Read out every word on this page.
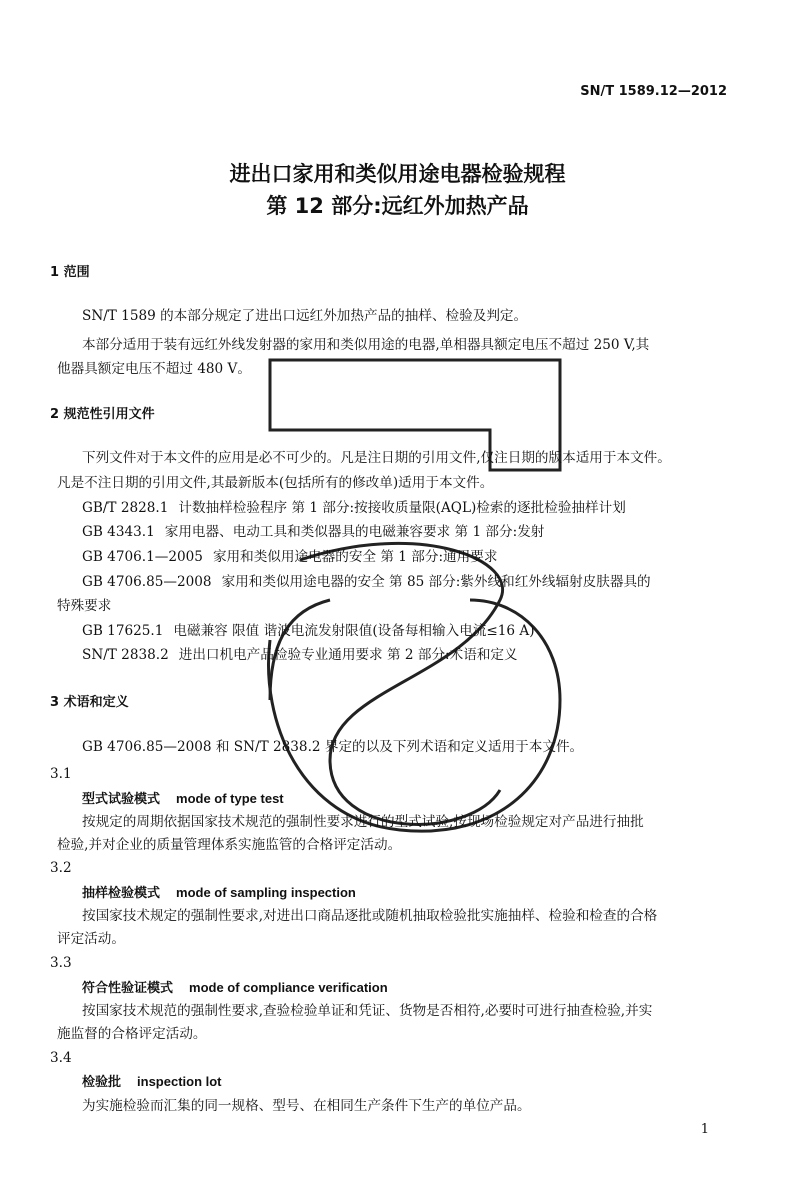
SN/T 1589.12—2012
进出口家用和类似用途电器检验规程
第 12 部分:远红外加热产品
1 范围
SN/T 1589 的本部分规定了进出口远红外加热产品的抽样、检验及判定。
本部分适用于装有远红外线发射器的家用和类似用途的电器,单相器具额定电压不超过 250 V,其
他器具额定电压不超过 480 V。
2 规范性引用文件
下列文件对于本文件的应用是必不可少的。凡是注日期的引用文件,仅注日期的版本适用于本文件。
凡是不注日期的引用文件,其最新版本(包括所有的修改单)适用于本文件。
GB/T 2828.1 计数抽样检验程序 第 1 部分:按接收质量限(AQL)检索的逐批检验抽样计划
GB 4343.1 家用电器、电动工具和类似器具的电磁兼容要求 第 1 部分:发射
GB 4706.1—2005 家用和类似用途电器的安全 第 1 部分:通用要求
GB 4706.85—2008 家用和类似用途电器的安全 第 85 部分:紫外线和红外线辐射皮肤器具的
特殊要求
GB 17625.1 电磁兼容 限值 谐波电流发射限值(设备每相输入电流≤16 A)
SN/T 2838.2 进出口机电产品检验专业通用要求 第 2 部分:术语和定义
3 术语和定义
GB 4706.85—2008 和 SN/T 2838.2 界定的以及下列术语和定义适用于本文件。
3.1
型式试验模式 mode of type test
按规定的周期依据国家技术规范的强制性要求进行的型式试验,按现场检验规定对产品进行抽批
检验,并对企业的质量管理体系实施监管的合格评定活动。
3.2
抽样检验模式 mode of sampling inspection
按国家技术规定的强制性要求,对进出口商品逐批或随机抽取检验批实施抽样、检验和检查的合格
评定活动。
3.3
符合性验证模式 mode of compliance verification
按国家技术规范的强制性要求,查验检验单证和凭证、货物是否相符,必要时可进行抽查检验,并实
施监督的合格评定活动。
3.4
检验批 inspection lot
为实施检验而汇集的同一规格、型号、在相同生产条件下生产的单位产品。
1
